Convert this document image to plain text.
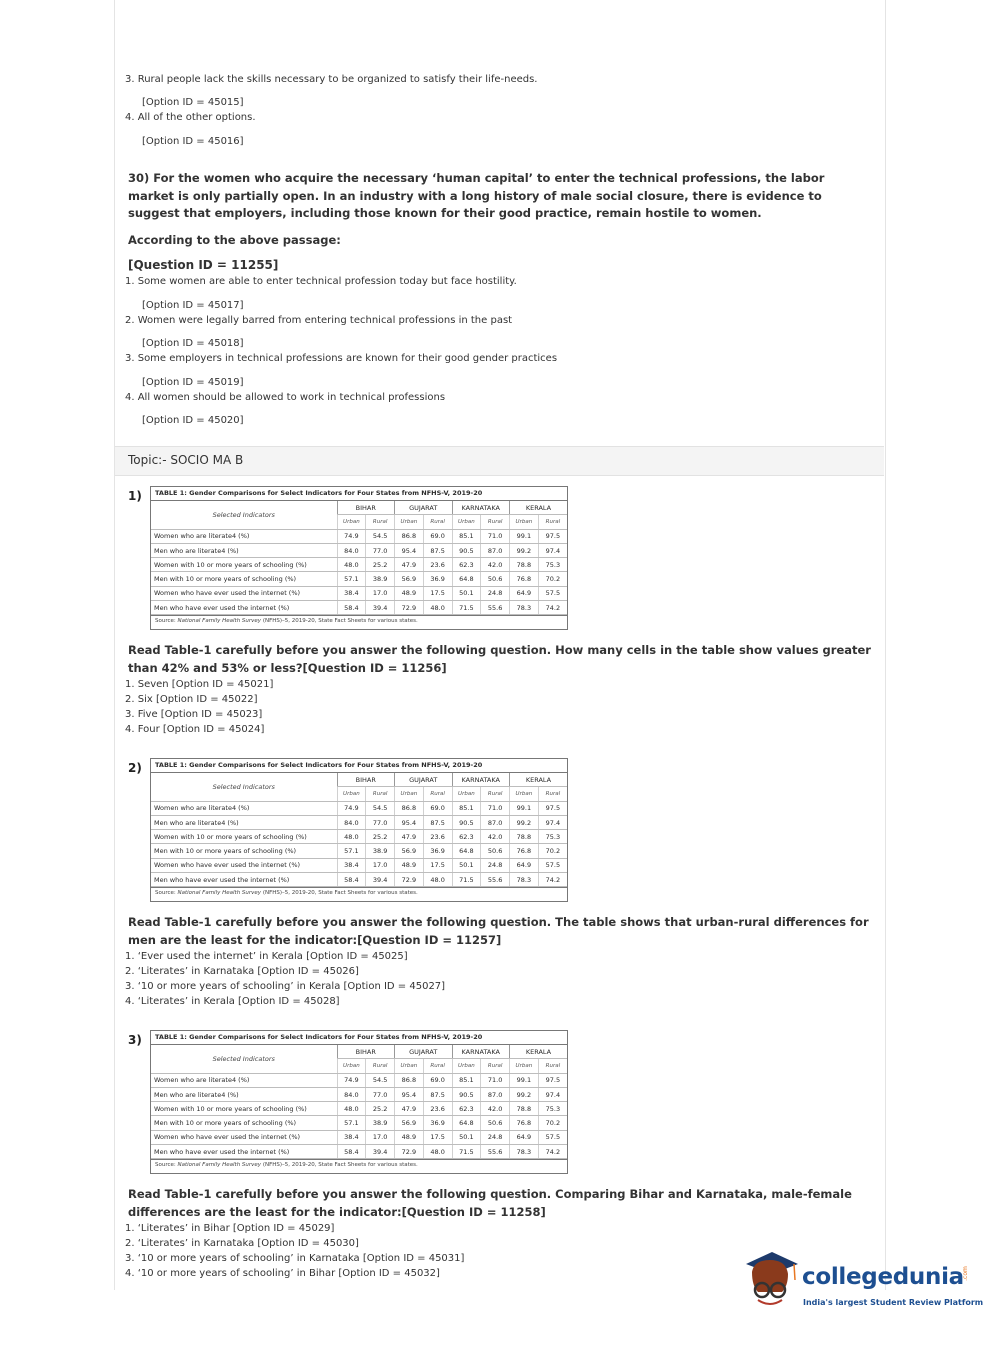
3. Rural people lack the skills necessary to be organized to satisfy their life-needs.
[Option ID = 45015]
4. All of the other options.
[Option ID = 45016]
30) For the women who acquire the necessary ‘human capital’ to enter the technical professions, the labor market is only partially open. In an industry with a long history of male social closure, there is evidence to suggest that employers, including those known for their good practice, remain hostile to women.
According to the above passage:
[Question ID = 11255]
1. Some women are able to enter technical profession today but face hostility.
[Option ID = 45017]
2. Women were legally barred from entering technical professions in the past
[Option ID = 45018]
3. Some employers in technical professions are known for their good gender practices
[Option ID = 45019]
4. All women should be allowed to work in technical professions
[Option ID = 45020]
Topic:- SOCIO MA B
1)	TABLE 1: Gender Comparisons for Select Indicators for Four States from NFHS-V, 2019-20
Selected Indicators	BIHAR		GUJARAT		KARNATAKA		KERALA	
	Urban	Rural	Urban	Rural	Urban	Rural	Urban	Rural
Women who are literate4 (%)	74.9	54.5	86.8	69.0	85.1	71.0	99.1	97.5
Men who are literate4 (%)	84.0	77.0	95.4	87.5	90.5	87.0	99.2	97.4
Women with 10 or more years of schooling (%)	48.0	25.2	47.9	23.6	62.3	42.0	78.8	75.3
Men with 10 or more years of schooling (%)	57.1	38.9	56.9	36.9	64.8	50.6	76.8	70.2
Women who have ever used the internet (%)	38.4	17.0	48.9	17.5	50.1	24.8	64.9	57.5
Men who have ever used the internet (%)	58.4	39.4	72.9	48.0	71.5	55.6	78.3	74.2
Source: National Family Health Survey (NFHS)–5, 2019-20, State Fact Sheets for various states.
Read Table-1 carefully before you answer the following question. How many cells in the table show values greater than 42% and 53% or less?[Question ID = 11256]
1. Seven [Option ID = 45021]
2. Six [Option ID = 45022]
3. Five [Option ID = 45023]
4. Four [Option ID = 45024]
2)	TABLE 1: Gender Comparisons for Select Indicators for Four States from NFHS-V, 2019-20
Selected Indicators	BIHAR		GUJARAT		KARNATAKA		KERALA	
	Urban	Rural	Urban	Rural	Urban	Rural	Urban	Rural
Women who are literate4 (%)	74.9	54.5	86.8	69.0	85.1	71.0	99.1	97.5
Men who are literate4 (%)	84.0	77.0	95.4	87.5	90.5	87.0	99.2	97.4
Women with 10 or more years of schooling (%)	48.0	25.2	47.9	23.6	62.3	42.0	78.8	75.3
Men with 10 or more years of schooling (%)	57.1	38.9	56.9	36.9	64.8	50.6	76.8	70.2
Women who have ever used the internet (%)	38.4	17.0	48.9	17.5	50.1	24.8	64.9	57.5
Men who have ever used the internet (%)	58.4	39.4	72.9	48.0	71.5	55.6	78.3	74.2
Source: National Family Health Survey (NFHS)–5, 2019-20, State Fact Sheets for various states.
Read Table-1 carefully before you answer the following question. The table shows that urban-rural differences for men are the least for the indicator:[Question ID = 11257]
1. ‘Ever used the internet’ in Kerala [Option ID = 45025]
2. ‘Literates’ in Karnataka [Option ID = 45026]
3. ‘10 or more years of schooling’ in Kerala [Option ID = 45027]
4. ‘Literates’ in Kerala [Option ID = 45028]
3)	TABLE 1: Gender Comparisons for Select Indicators for Four States from NFHS-V, 2019-20
Selected Indicators	BIHAR		GUJARAT		KARNATAKA		KERALA	
	Urban	Rural	Urban	Rural	Urban	Rural	Urban	Rural
Women who are literate4 (%)	74.9	54.5	86.8	69.0	85.1	71.0	99.1	97.5
Men who are literate4 (%)	84.0	77.0	95.4	87.5	90.5	87.0	99.2	97.4
Women with 10 or more years of schooling (%)	48.0	25.2	47.9	23.6	62.3	42.0	78.8	75.3
Men with 10 or more years of schooling (%)	57.1	38.9	56.9	36.9	64.8	50.6	76.8	70.2
Women who have ever used the internet (%)	38.4	17.0	48.9	17.5	50.1	24.8	64.9	57.5
Men who have ever used the internet (%)	58.4	39.4	72.9	48.0	71.5	55.6	78.3	74.2
Source: National Family Health Survey (NFHS)–5, 2019-20, State Fact Sheets for various states.
Read Table-1 carefully before you answer the following question. Comparing Bihar and Karnataka, male-female differences are the least for the indicator:[Question ID = 11258]
1. ‘Literates’ in Bihar [Option ID = 45029]
2. ‘Literates’ in Karnataka [Option ID = 45030]
3. ‘10 or more years of schooling’ in Karnataka [Option ID = 45031]
4. ‘10 or more years of schooling’ in Bihar [Option ID = 45032]	collegedunia
.com
India's largest Student Review Platform
